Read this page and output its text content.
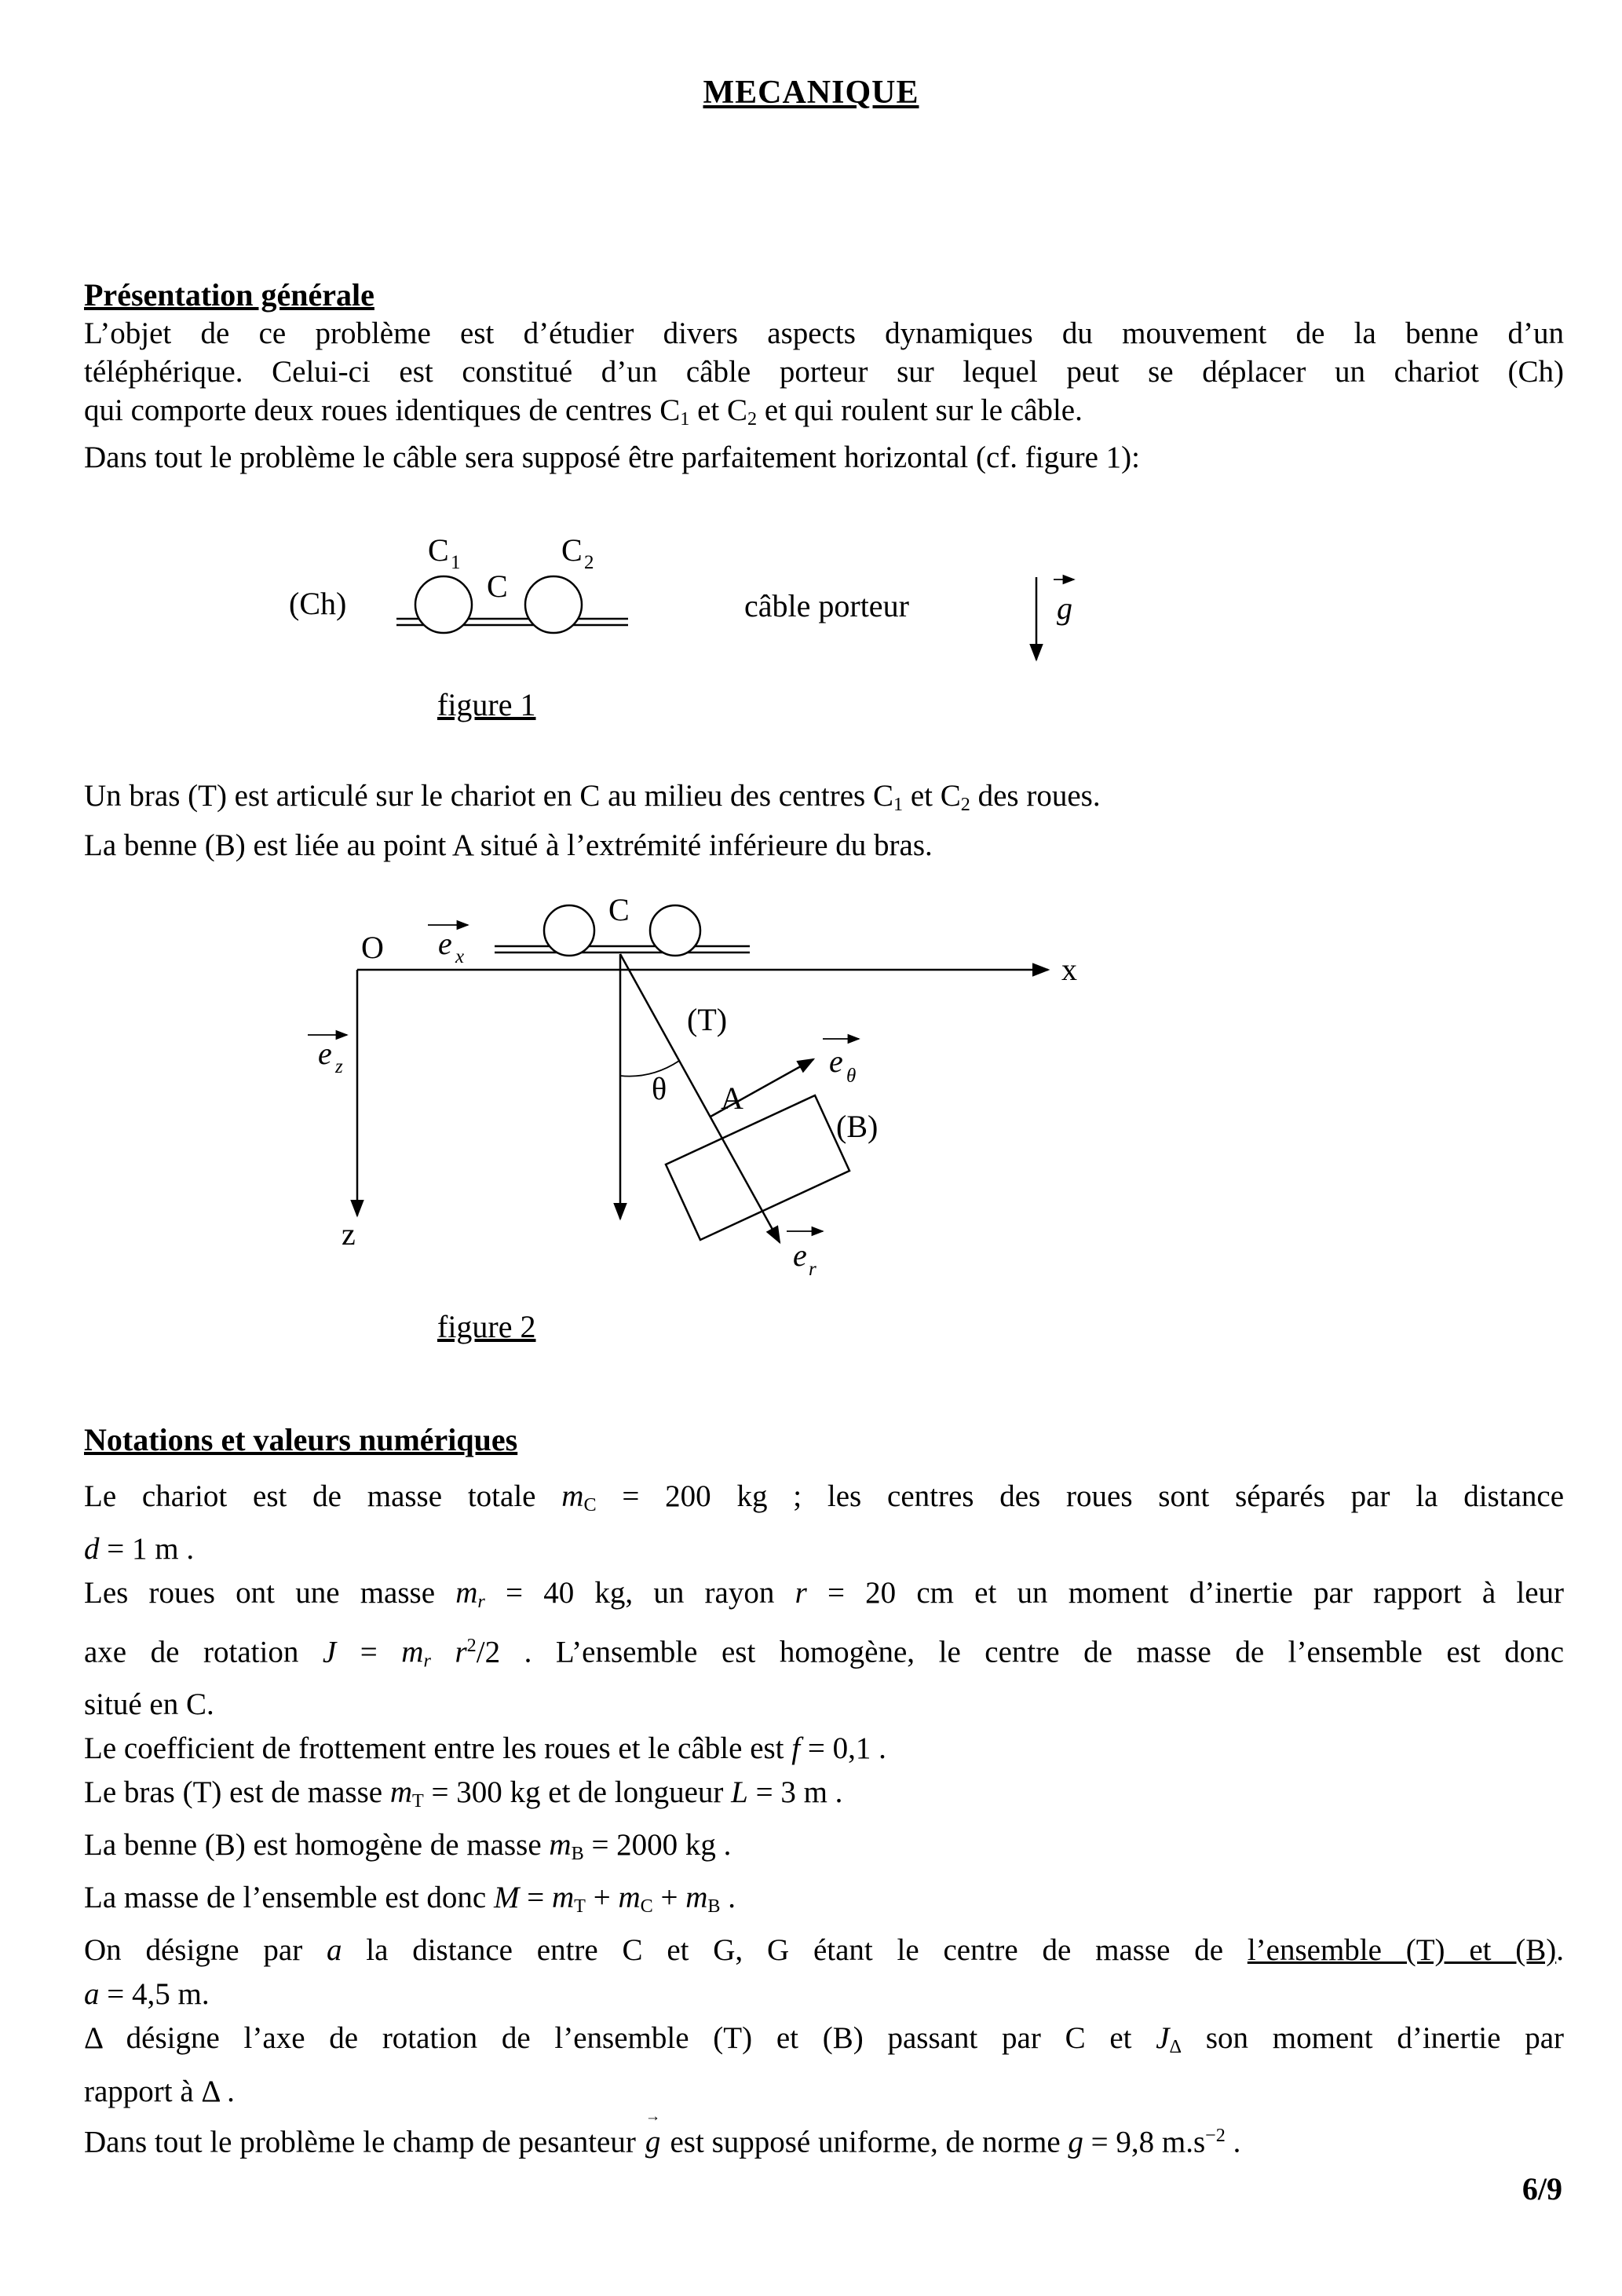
MECANIQUE
Présentation générale
L’objet de ce problème est d’étudier divers aspects dynamiques du mouvement de la benne d’un
téléphérique. Celui-ci est constitué d’un câble porteur sur lequel peut se déplacer un chariot (Ch)
qui comporte deux roues identiques de centres $C_1$ et $C_2$ et qui roulent sur le câble.
Dans tout le problème le câble sera supposé être parfaitement horizontal (cf. figure 1):
(Ch)	C
C 1	C 2
câble porteur	g
figure 1
Un bras (T) est articulé sur le chariot en C au milieu des centres $C_1$ et $C_2$ des roues.
La benne (B) est liée au point A situé à l’extrémité inférieure du bras.
O e x	x
e z
z
C
(T)
θ A
(B)
e θ
e r
figure 2
Notations et valeurs numériques
Le chariot est de masse totale $m_C = 200$ kg ; les centres des roues sont séparés par la distance
d = 1 m .
Les roues ont une masse $m_r = 40$ kg, un rayon r = 20 cm et un moment d’inertie par rapport à leur
axe de rotation $J = m_r$ $r^2/2$ . L’ensemble est homogène, le centre de masse de l’ensemble est donc
situé en C.
Le coefficient de frottement entre les roues et le câble est f = 0,1 .
Le bras (T) est de masse $m_T = 300$ kg et de longueur L = 3 m .
La benne (B) est homogène de masse $m_B = 2000$ kg .
La masse de l’ensemble est donc $M = m_T + m_C + m_B$ .
On désigne par a la distance entre C et G, G étant le centre de masse de l’ensemble (T) et (B).
a = 4,5 m.
Δ désigne l’axe de rotation de l’ensemble (T) et (B) passant par C et $J_\Delta$ son moment d’inertie par
rapport à Δ .
Dans tout le problème le champ de pesanteur g → est supposé uniforme, de norme g = 9,8 $m.s^{-2}$ .
6/9
